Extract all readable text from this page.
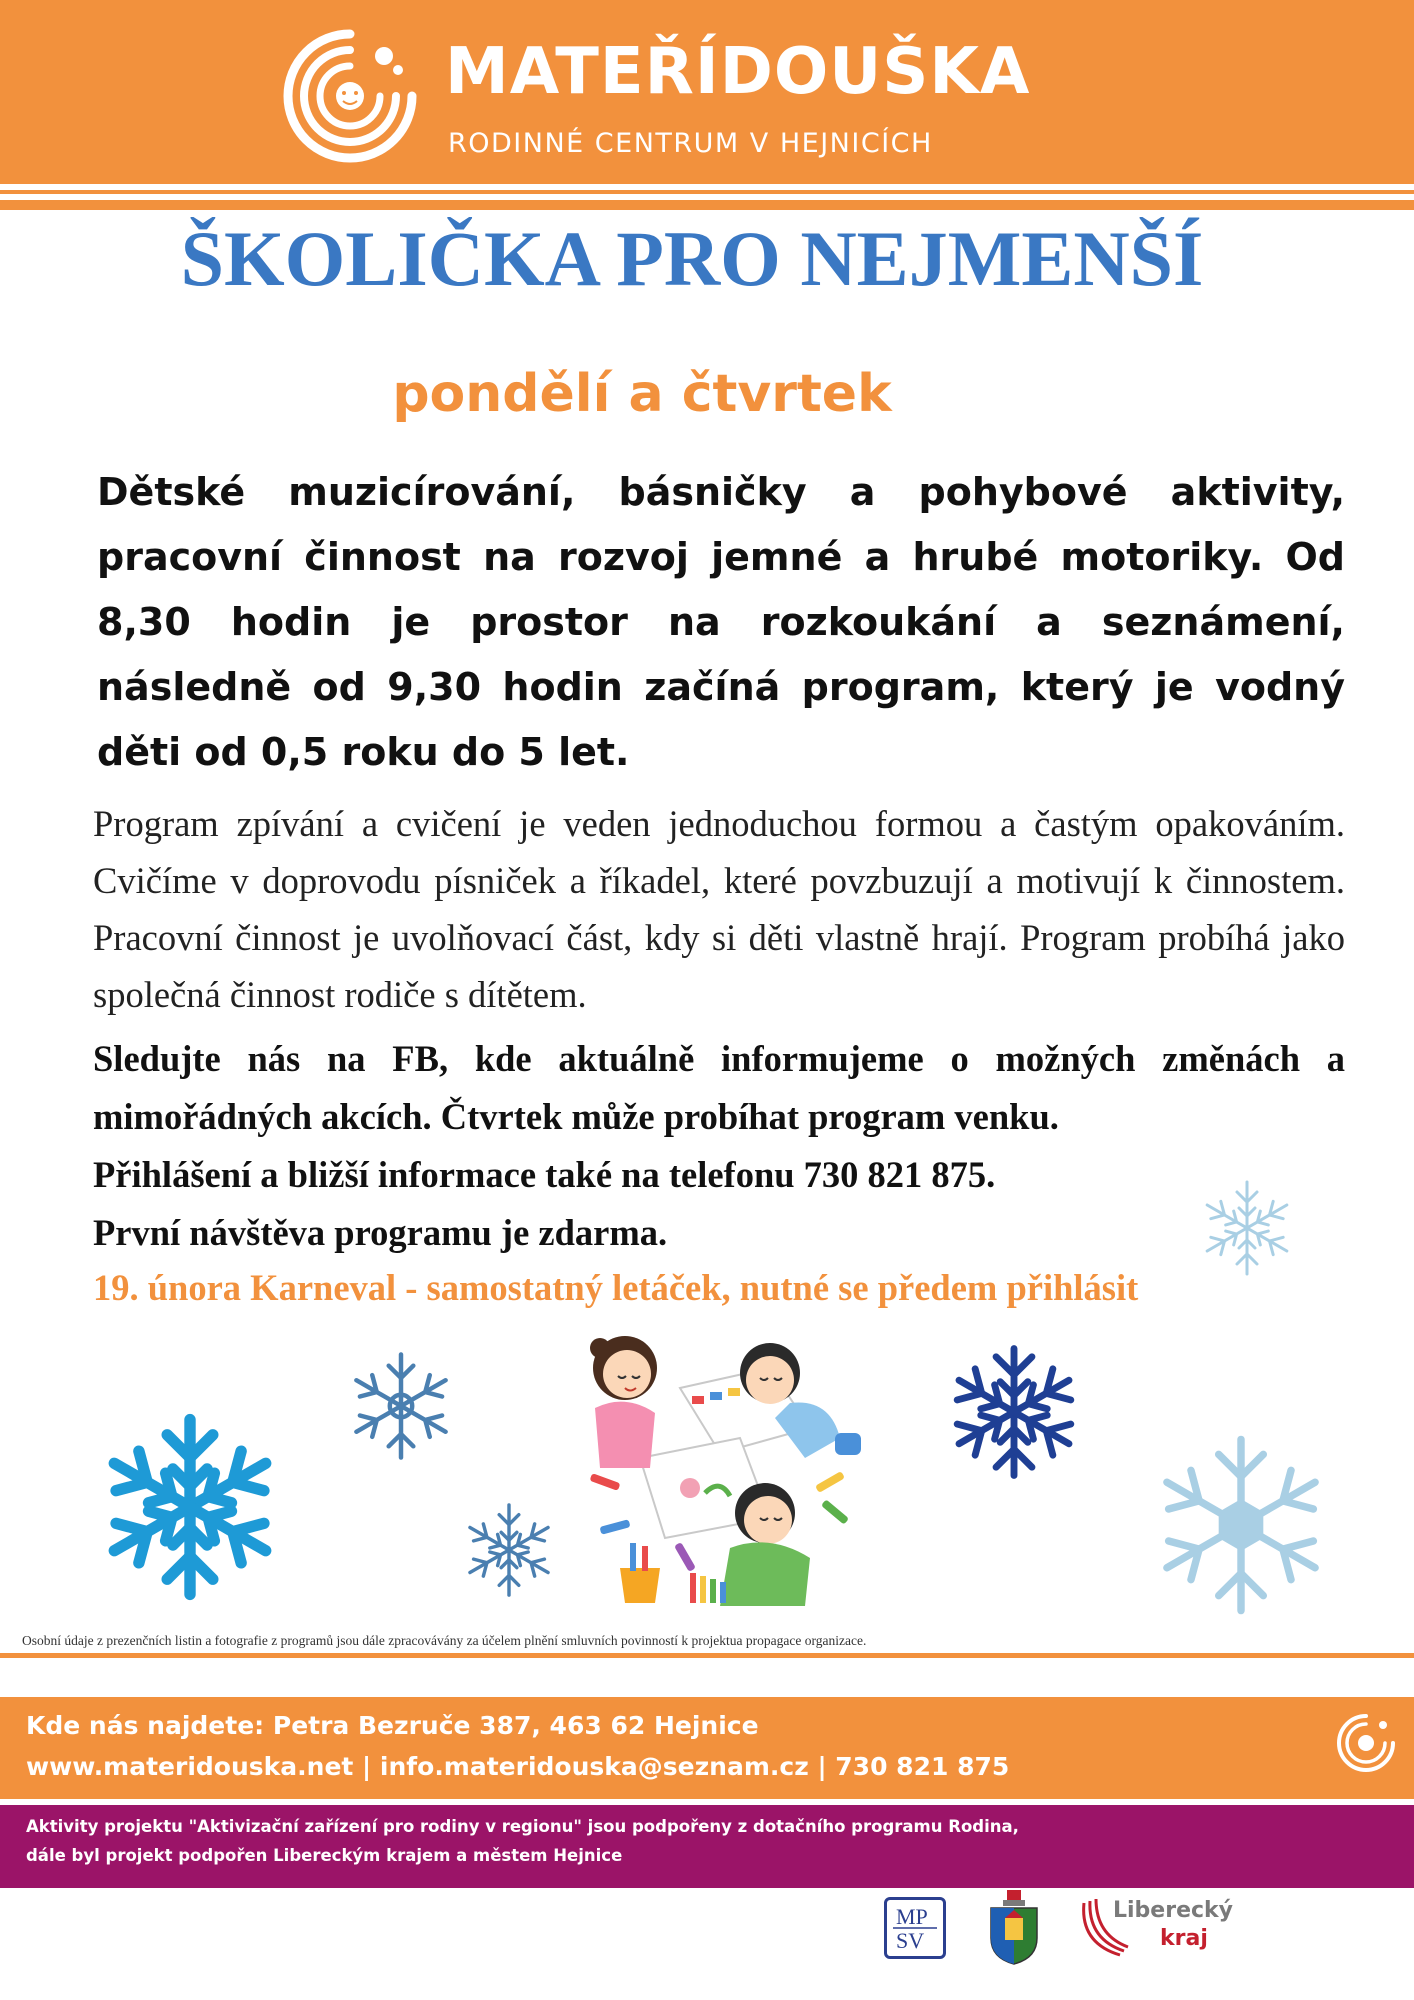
MATEŘÍDOUŠKA
RODINNÉ CENTRUM V HEJNICÍCH
ŠKOLIČKA PRO NEJMENŠÍ
pondělí a čtvrtek
Dětské muzicírování, básničky a pohybové aktivity, pracovní činnost na rozvoj jemné a hrubé motoriky. Od 8,30 hodin je prostor na rozkoukání a seznámení, následně od 9,30 hodin začíná program, který je vodný děti od 0,5 roku do 5 let.
Program zpívání a cvičení je veden jednoduchou formou a častým opakováním. Cvičíme v doprovodu písniček a říkadel, které povzbuzují a motivují k činnostem. Pracovní činnost je uvolňovací část, kdy si děti vlastně hrají. Program probíhá jako společná činnost rodiče s dítětem.

Sledujte nás na FB, kde aktuálně informujeme o možných změnách a mimořádných akcích. Čtvrtek může probíhat program venku.

Přihlášení a bližší informace také na telefonu 730 821 875.

První návštěva programu je zdarma.

19. února Karneval - samostatný letáček, nutné se předem přihlásit
Osobní údaje z prezenčních listin a fotografie z programů jsou dále zpracovávány za účelem plnění smluvních povinností k projektua propagace organizace.
Kde nás najdete: Petra Bezruče 387, 463 62 Hejnice
www.materidouska.net | info.materidouska@seznam.cz | 730 821 875
Aktivity projektu "Aktivizační zařízení pro rodiny v regionu" jsou podpořeny z dotačního programu Rodina,
dále byl projekt podpořen Libereckým krajem a městem Hejnice
MP
SV
Liberecký
kraj
